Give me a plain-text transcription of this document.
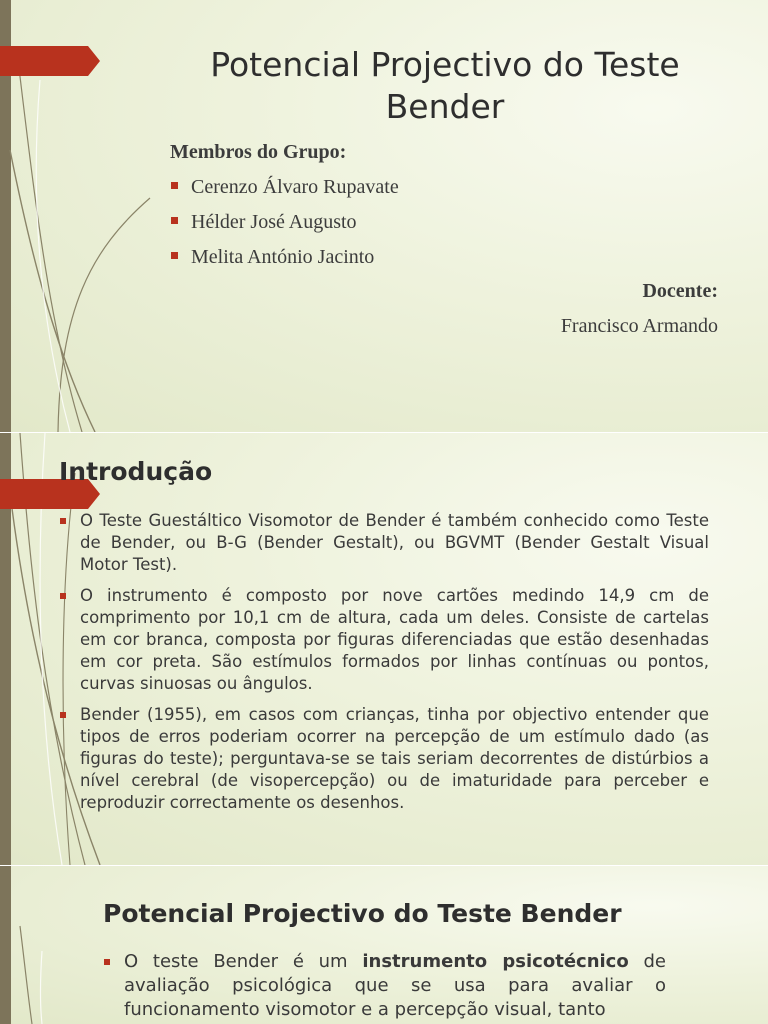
Potencial Projectivo do Teste Bender
Membros do Grupo:
Cerenzo Álvaro Rupavate
Hélder José Augusto
Melita António Jacinto
Docente:
Francisco Armando
Introdução
O Teste Guestáltico Visomotor de Bender é também conhecido como Teste de Bender, ou B-G (Bender Gestalt), ou BGVMT (Bender Gestalt Visual Motor Test).
O instrumento é composto por nove cartões medindo 14,9 cm de comprimento por 10,1 cm de altura, cada um deles. Consiste de cartelas em cor branca, composta por figuras diferenciadas que estão desenhadas em cor preta. São estímulos formados por linhas contínuas ou pontos, curvas sinuosas ou ângulos.
Bender (1955), em casos com crianças, tinha por objectivo entender que tipos de erros poderiam ocorrer na percepção de um estímulo dado (as figuras do teste); perguntava-se se tais seriam decorrentes de distúrbios a nível cerebral (de visopercepção) ou de imaturidade para perceber e reproduzir correctamente os desenhos.
Potencial Projectivo do Teste Bender
O teste Bender é um instrumento psicotécnico de avaliação psicológica que se usa para avaliar o funcionamento visomotor e a percepção visual, tanto
